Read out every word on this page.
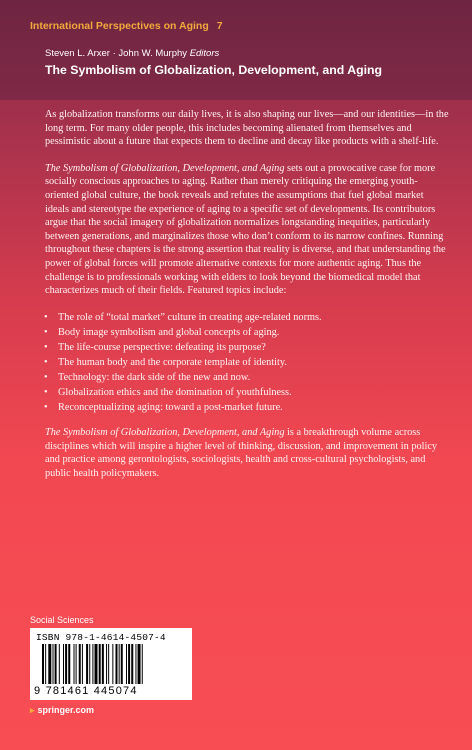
International Perspectives on Aging 7
Steven L. Arxer · John W. Murphy Editors
The Symbolism of Globalization, Development, and Aging

As globalization transforms our daily lives, it is also shaping our lives—and our identities—in the long term. For many older people, this includes becoming alienated from themselves and pessimistic about a future that expects them to decline and decay like products with a shelf-life.

The Symbolism of Globalization, Development, and Aging sets out a provocative case for more socially conscious approaches to aging. Rather than merely critiquing the emerging youth-oriented global culture, the book reveals and refutes the assumptions that fuel global market ideals and stereotype the experience of aging to a specific set of developments. Its contributors argue that the social imagery of globalization normalizes longstanding inequities, particularly between generations, and marginalizes those who don’t conform to its narrow confines. Running throughout these chapters is the strong assertion that reality is diverse, and that understanding the power of global forces will promote alternative contexts for more authentic aging. Thus the challenge is to professionals working with elders to look beyond the biomedical model that characterizes much of their fields. Featured topics include:

• The role of “total market” culture in creating age-related norms.
• Body image symbolism and global concepts of aging.
• The life-course perspective: defeating its purpose?
• The human body and the corporate template of identity.
• Technology: the dark side of the new and now.
• Globalization ethics and the domination of youthfulness.
• Reconceptualizing aging: toward a post-market future.

The Symbolism of Globalization, Development, and Aging is a breakthrough volume across disciplines which will inspire a higher level of thinking, discussion, and improvement in policy and practice among gerontologists, sociologists, health and cross-cultural psychologists, and public health policymakers.

Social Sciences
ISBN 978-1-4614-4507-4
9 781461 445074
▸ springer.com
